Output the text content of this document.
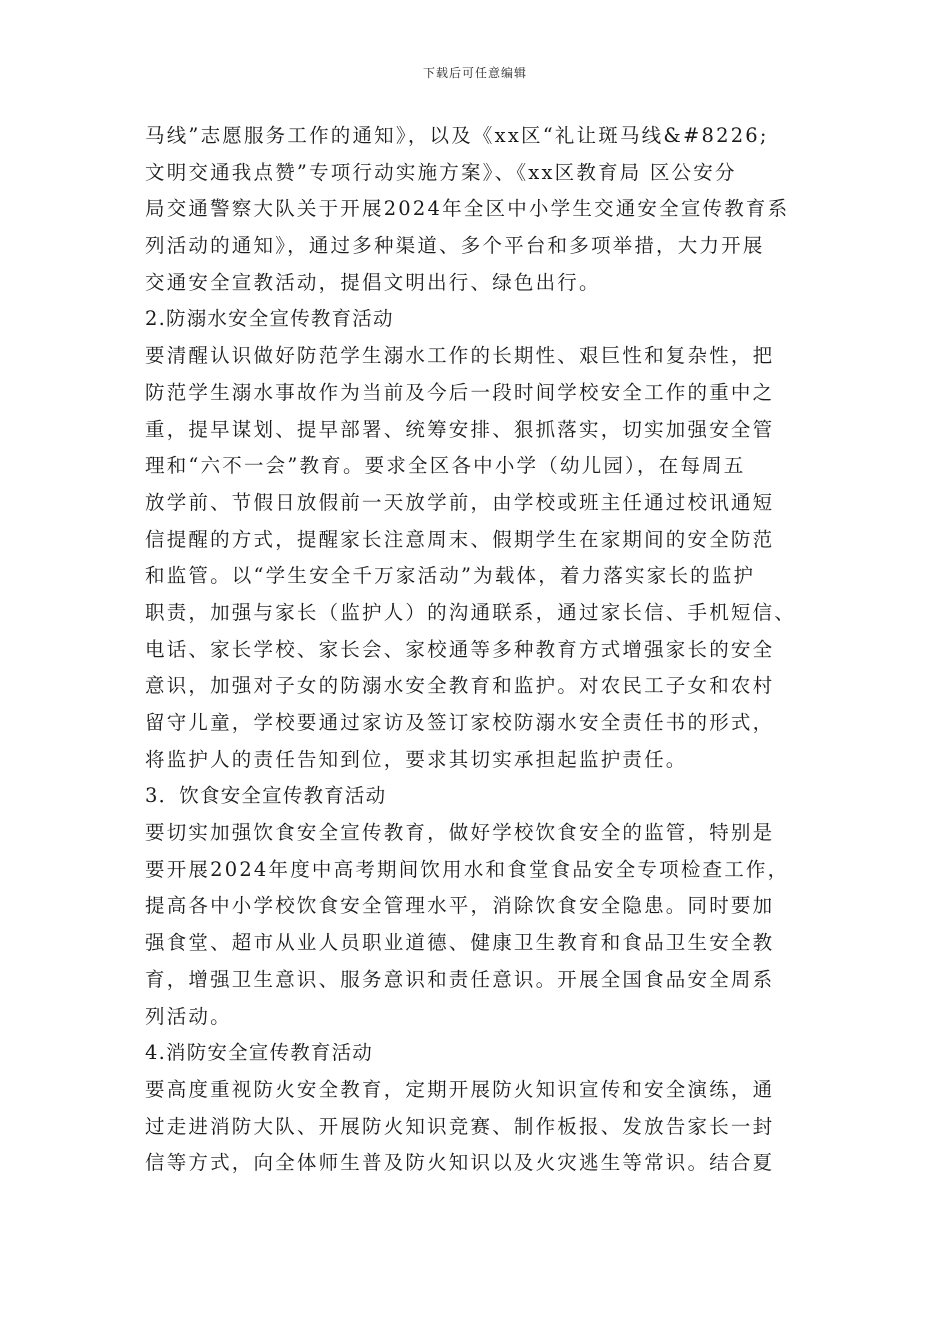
下载后可任意编辑
马线”志愿服务工作的通知》，以及《xx区“礼让斑马线&#8226;
文明交通我点赞”专项行动实施方案》、《xx区教育局 区公安分
局交通警察大队关于开展2024年全区中小学生交通安全宣传教育系
列活动的通知》，通过多种渠道、多个平台和多项举措，大力开展
交通安全宣教活动，提倡文明出行、绿色出行。
2.防溺水安全宣传教育活动
要清醒认识做好防范学生溺水工作的长期性、艰巨性和复杂性，把
防范学生溺水事故作为当前及今后一段时间学校安全工作的重中之
重，提早谋划、提早部署、统筹安排、狠抓落实，切实加强安全管
理和“六不一会”教育。要求全区各中小学（幼儿园），在每周五
放学前、节假日放假前一天放学前，由学校或班主任通过校讯通短
信提醒的方式，提醒家长注意周末、假期学生在家期间的安全防范
和监管。以“学生安全千万家活动”为载体，着力落实家长的监护
职责，加强与家长（监护人）的沟通联系，通过家长信、手机短信、
电话、家长学校、家长会、家校通等多种教育方式增强家长的安全
意识，加强对子女的防溺水安全教育和监护。对农民工子女和农村
留守儿童，学校要通过家访及签订家校防溺水安全责任书的形式，
将监护人的责任告知到位，要求其切实承担起监护责任。
3．饮食安全宣传教育活动
要切实加强饮食安全宣传教育，做好学校饮食安全的监管，特别是
要开展2024年度中高考期间饮用水和食堂食品安全专项检查工作，
提高各中小学校饮食安全管理水平，消除饮食安全隐患。同时要加
强食堂、超市从业人员职业道德、健康卫生教育和食品卫生安全教
育，增强卫生意识、服务意识和责任意识。开展全国食品安全周系
列活动。
4.消防安全宣传教育活动
要高度重视防火安全教育，定期开展防火知识宣传和安全演练，通
过走进消防大队、开展防火知识竞赛、制作板报、发放告家长一封
信等方式，向全体师生普及防火知识以及火灾逃生等常识。结合夏
